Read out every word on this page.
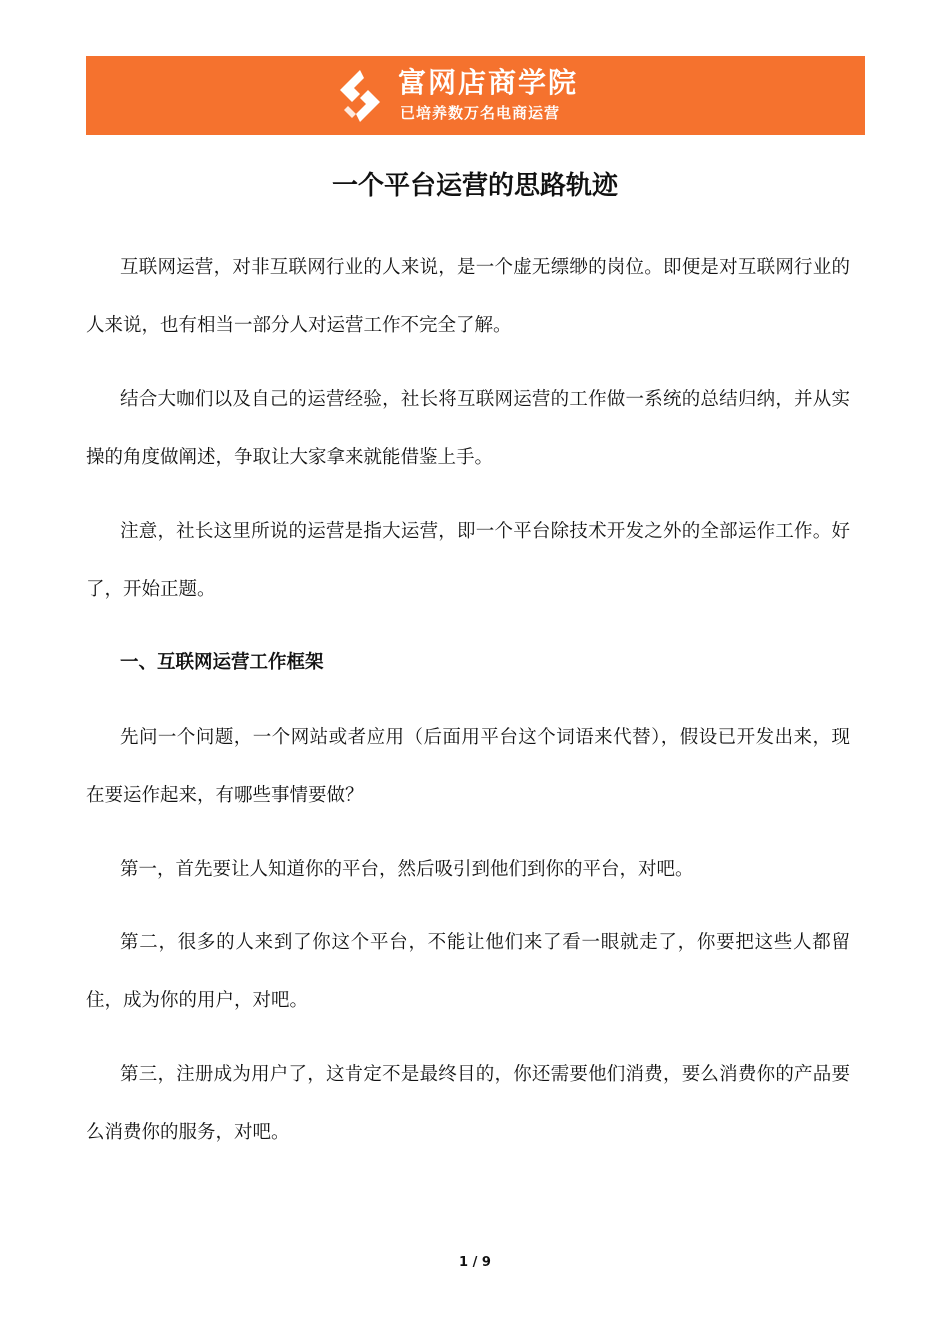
富网店商学院
已培养数万名电商运营
一个平台运营的思路轨迹

互联网运营，对非互联网行业的人来说，是一个虚无缥缈的岗位。即便是对互联网行业的人来说，也有相当一部分人对运营工作不完全了解。

结合大咖们以及自己的运营经验，社长将互联网运营的工作做一系统的总结归纳，并从实操的角度做阐述，争取让大家拿来就能借鉴上手。

注意，社长这里所说的运营是指大运营，即一个平台除技术开发之外的全部运作工作。好了，开始正题。

一、互联网运营工作框架

先问一个问题，一个网站或者应用（后面用平台这个词语来代替），假设已开发出来，现在要运作起来，有哪些事情要做？

第一，首先要让人知道你的平台，然后吸引到他们到你的平台，对吧。

第二，很多的人来到了你这个平台，不能让他们来了看一眼就走了，你要把这些人都留住，成为你的用户，对吧。

第三，注册成为用户了，这肯定不是最终目的，你还需要他们消费，要么消费你的产品要么消费你的服务，对吧。

1 / 9
